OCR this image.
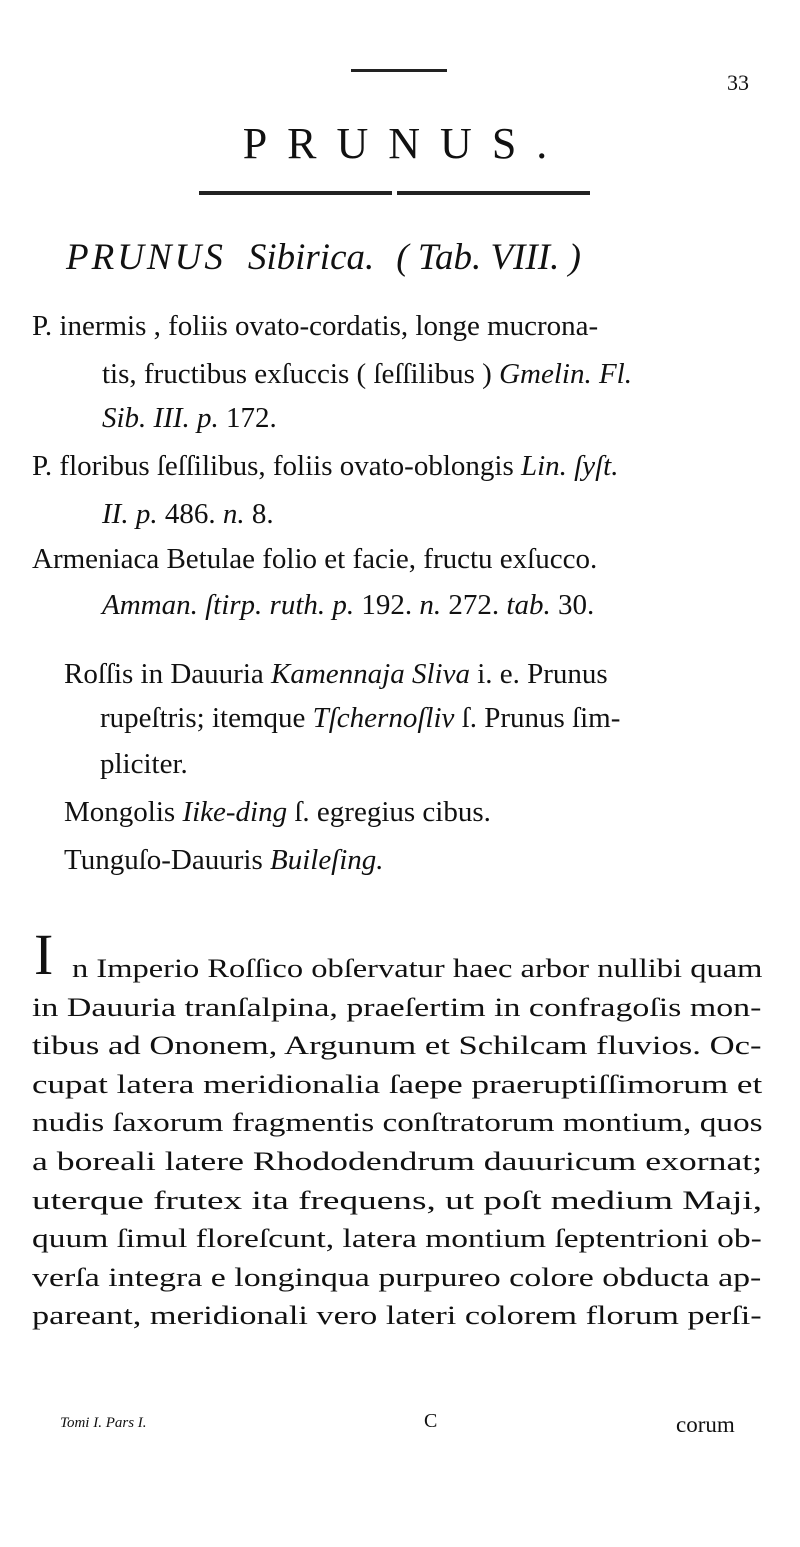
33
PRUNUS.
PRUNUS Sibirica. ( Tab. VIII. )
P. inermis , foliis ovato-cordatis, longe mucrona-
tis, fructibus exſuccis ( ſeſſilibus ) Gmelin. Fl.
Sib. III. p. 172.
P. floribus ſeſſilibus, foliis ovato-oblongis Lin. ſyſt.
II. p. 486. n. 8.
Armeniaca Betulae folio et facie, fructu exſucco.
Amman. ſtirp. ruth. p. 192. n. 272. tab. 30.
Roſſis in Dauuria Kamennaja Sliva i. e. Prunus
rupeſtris; itemque Tſchernoſliv ſ. Prunus ſim-
pliciter.
Mongolis Iike-ding ſ. egregius cibus.
Tunguſo-Dauuris Buileſing.
I n Imperio Roſſico obſervatur haec arbor nullibi quam
in Dauuria tranſalpina, praeſertim in confragoſis mon-
tibus ad Ononem, Argunum et Schilcam fluvios. Oc-
cupat latera meridionalia ſaepe praeruptiſſimorum et
nudis ſaxorum fragmentis conſtratorum montium, quos
a boreali latere Rhododendrum dauuricum exornat;
uterque frutex ita frequens, ut poſt medium Maji,
quum ſimul floreſcunt, latera montium ſeptentrioni ob-
verſa integra e longinqua purpureo colore obducta ap-
pareant, meridionali vero lateri colorem florum perſi-
Tomi I. Pars I.	C	corum
